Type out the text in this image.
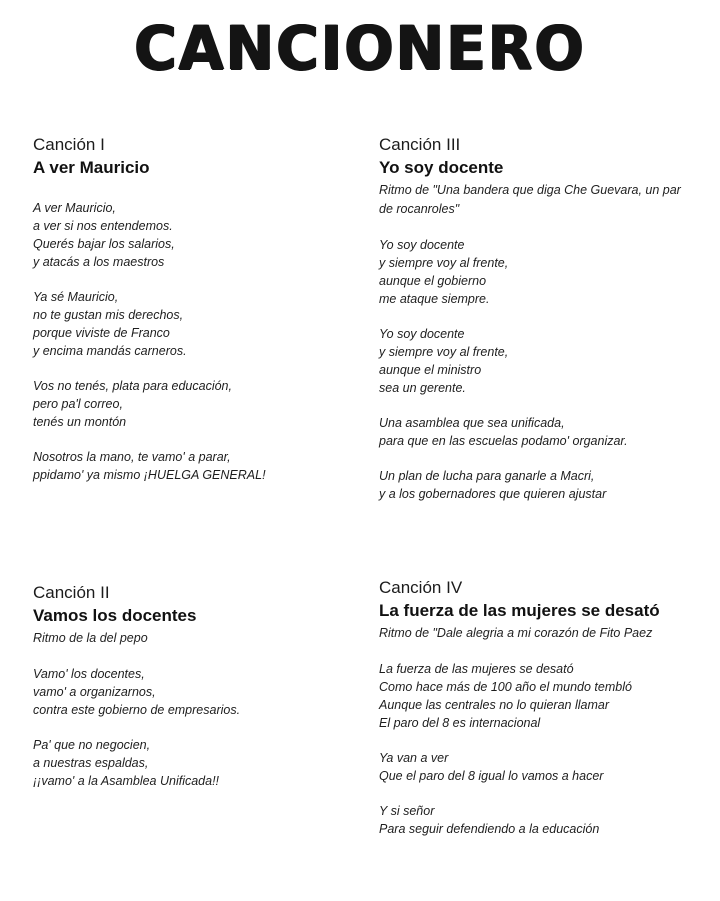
CANCIONERO
Canción I
A ver Mauricio
A ver Mauricio,
a ver si nos entendemos.
Querés bajar los salarios,
y atacás a los maestros
Ya sé Mauricio,
no te gustan mis derechos,
porque viviste de Franco
y encima mandás carneros.
Vos no tenés, plata para educación,
pero pa'l correo,
tenés un montón
Nosotros la mano, te vamo' a parar,
ppidamo' ya mismo ¡HUELGA GENERAL!
Canción II
Vamos los docentes
Ritmo de la del pepo
Vamo' los docentes,
vamo' a organizarnos,
contra este gobierno de empresarios.
Pa' que no negocien,
a nuestras espaldas,
¡¡vamo' a la Asamblea Unificada!!
Canción III
Yo soy docente
Ritmo de "Una bandera que diga Che Guevara, un par de rocanroles"
Yo soy docente
y siempre voy al frente,
aunque el gobierno
me ataque siempre.
Yo soy docente
y siempre voy al frente,
aunque el ministro
sea un gerente.
Una asamblea que sea unificada,
para que en las escuelas podamo' organizar.
Un plan de lucha para ganarle a Macri,
y a los gobernadores que quieren ajustar
Canción IV
La fuerza de las mujeres se desató
Ritmo de "Dale alegria a mi corazón de Fito Paez
La fuerza de las mujeres se desató
Como hace más de 100 año el mundo tembló
Aunque las centrales no lo quieran llamar
El paro del 8 es internacional
Ya van a ver
Que el paro del 8 igual lo vamos a hacer
Y si señor
Para seguir defendiendo a la educación
